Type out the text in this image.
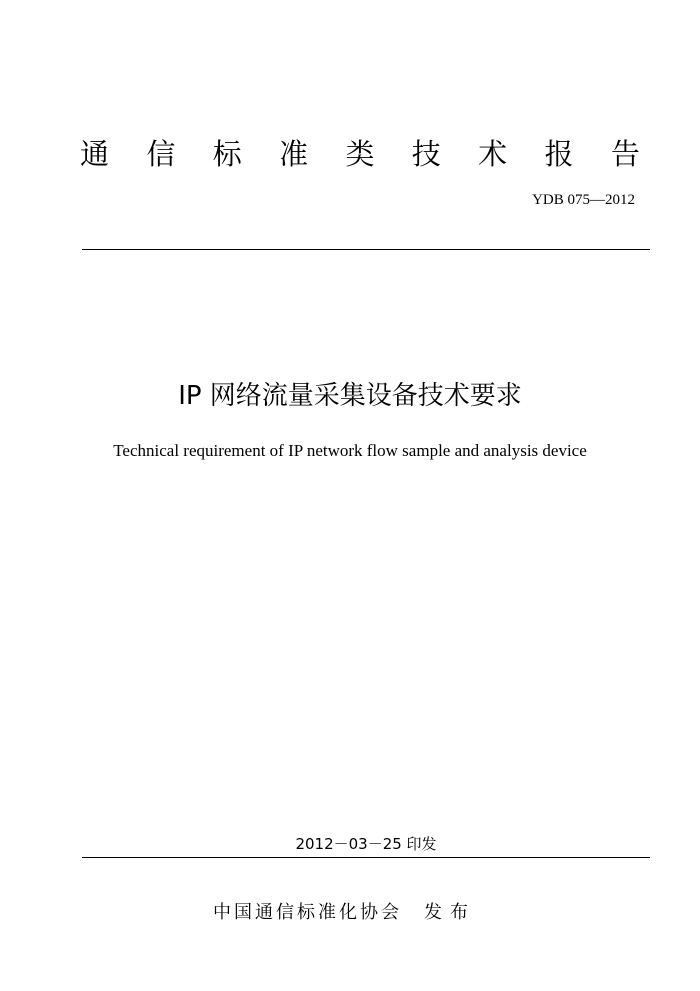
通 信 标 准 类 技 术 报 告
YDB 075—2012
IP 网络流量采集设备技术要求
Technical requirement of IP network flow sample and analysis device
2012－03－25 印发
中国通信标准化协会 发布
